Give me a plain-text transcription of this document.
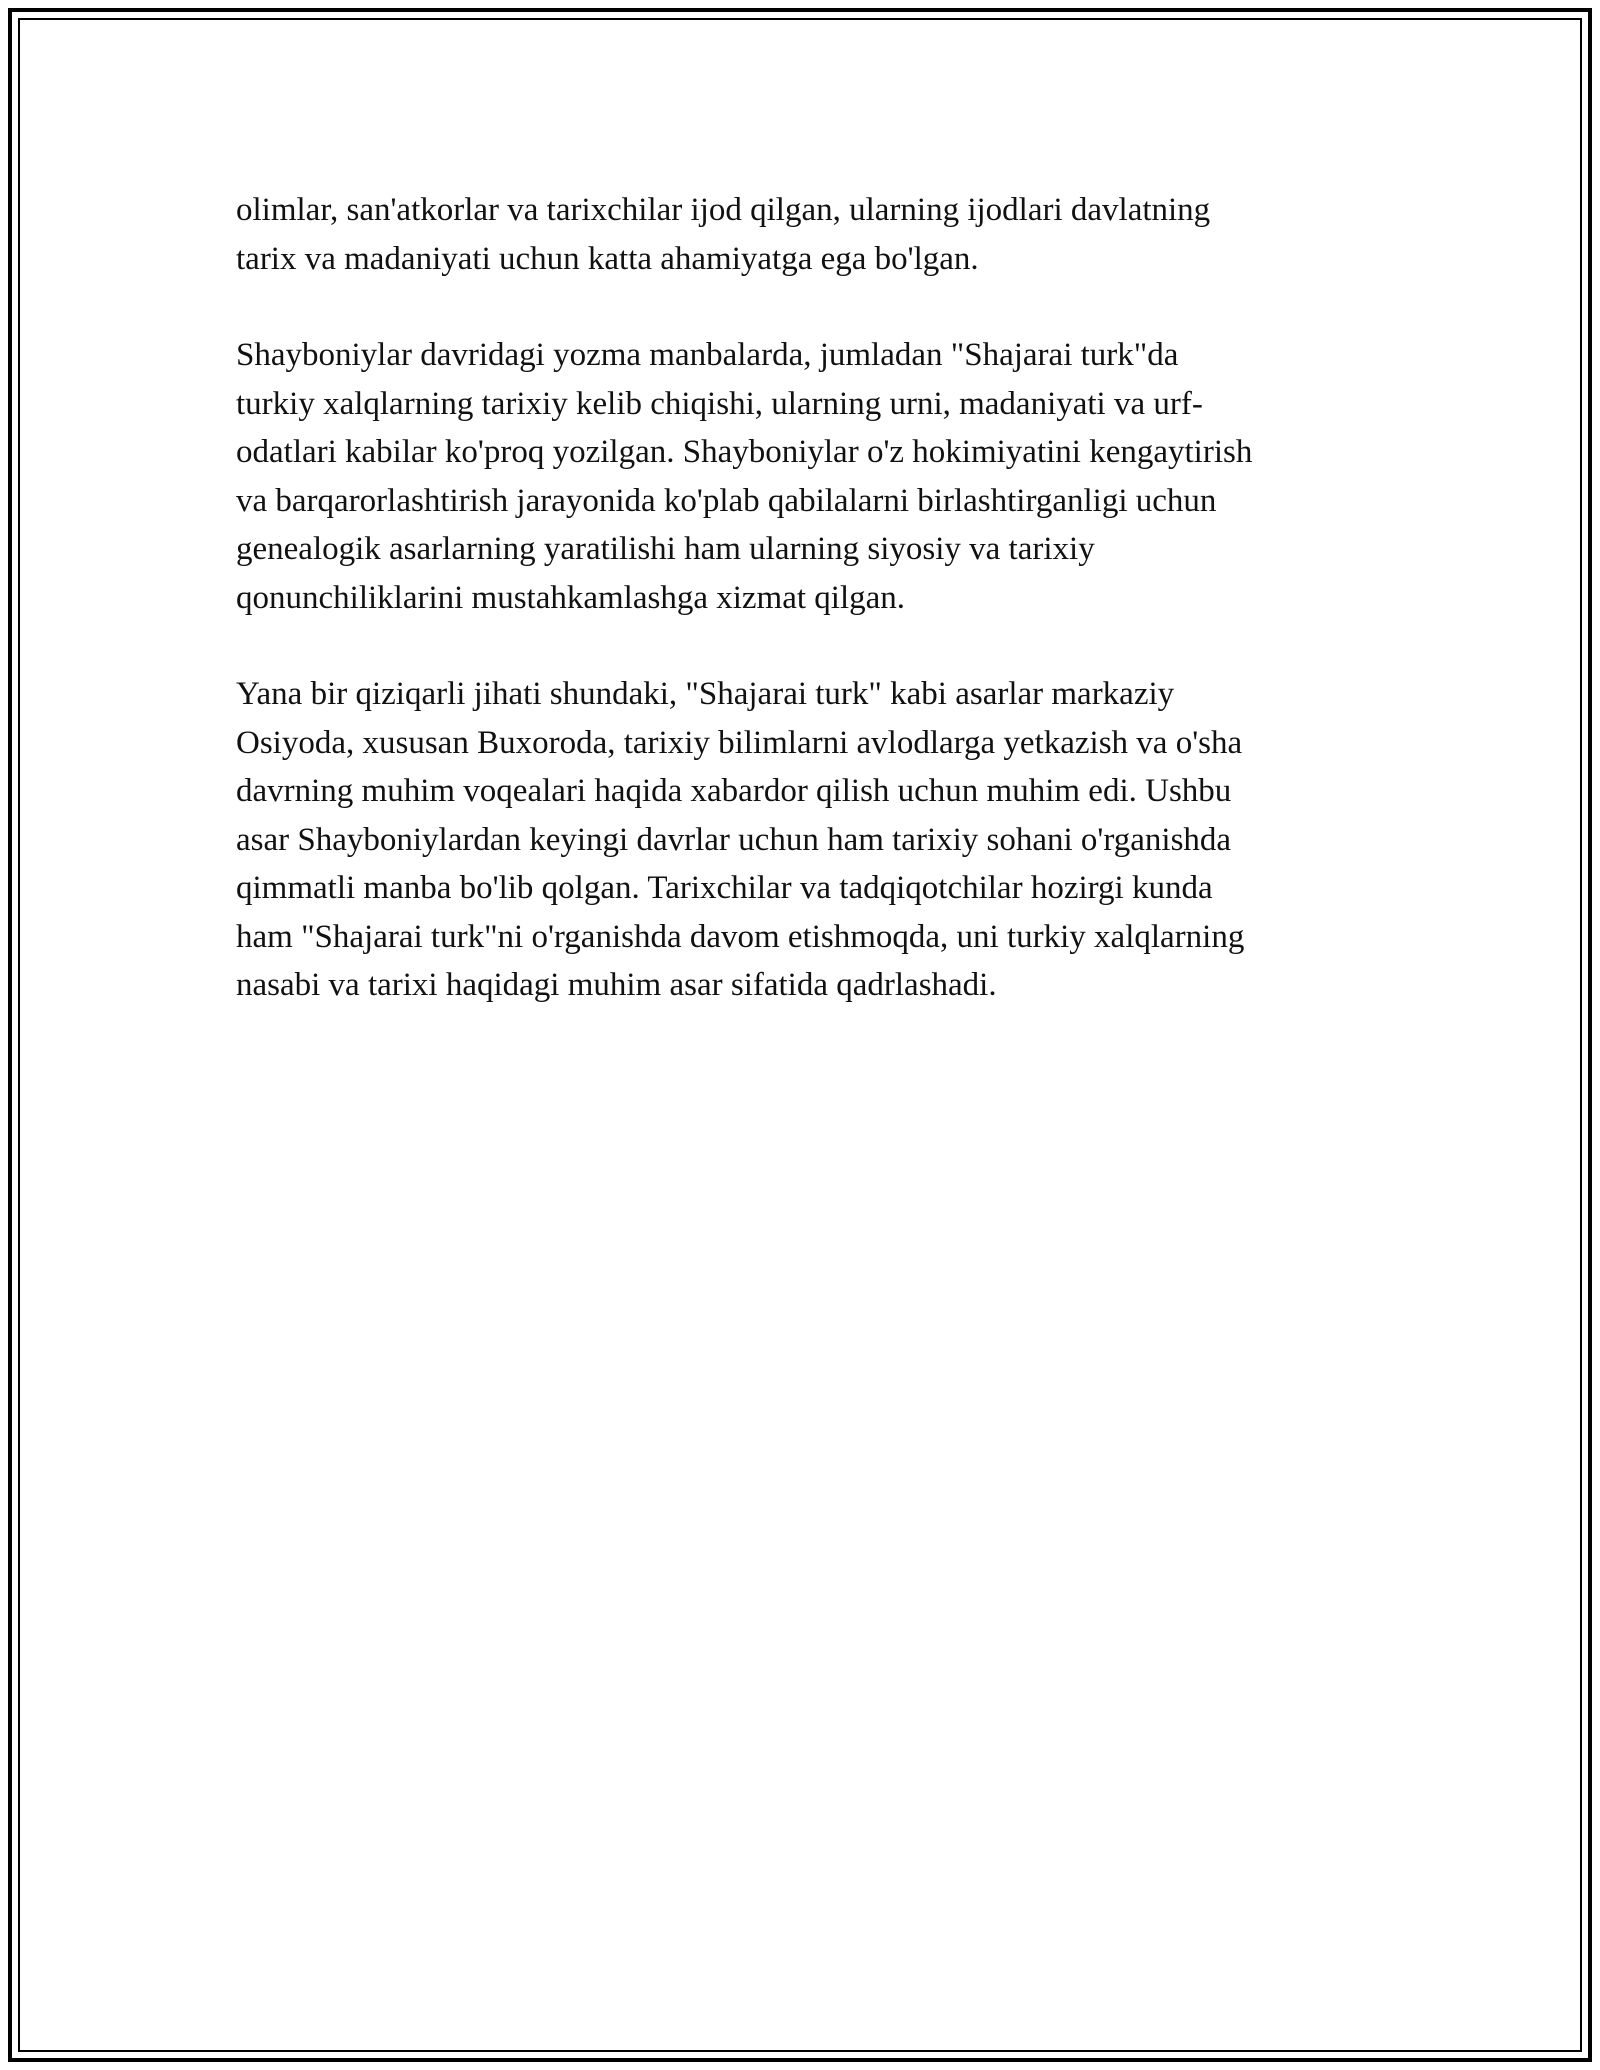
olimlar, san'atkorlar va tarixchilar ijod qilgan, ularning ijodlari davlatning
tarix va madaniyati uchun katta ahamiyatga ega bo'lgan.

Shayboniylar davridagi yozma manbalarda, jumladan "Shajarai turk"da
turkiy xalqlarning tarixiy kelib chiqishi, ularning urni, madaniyati va urf-
odatlari kabilar ko'proq yozilgan. Shayboniylar o'z hokimiyatini kengaytirish
va barqarorlashtirish jarayonida ko'plab qabilalarni birlashtirganligi uchun
genealogik asarlarning yaratilishi ham ularning siyosiy va tarixiy
qonunchiliklarini mustahkamlashga xizmat qilgan.

Yana bir qiziqarli jihati shundaki, "Shajarai turk" kabi asarlar markaziy
Osiyoda, xususan Buxoroda, tarixiy bilimlarni avlodlarga yetkazish va o'sha
davrning muhim voqealari haqida xabardor qilish uchun muhim edi. Ushbu
asar Shayboniylardan keyingi davrlar uchun ham tarixiy sohani o'rganishda
qimmatli manba bo'lib qolgan. Tarixchilar va tadqiqotchilar hozirgi kunda
ham "Shajarai turk"ni o'rganishda davom etishmoqda, uni turkiy xalqlarning
nasabi va tarixi haqidagi muhim asar sifatida qadrlashadi.
